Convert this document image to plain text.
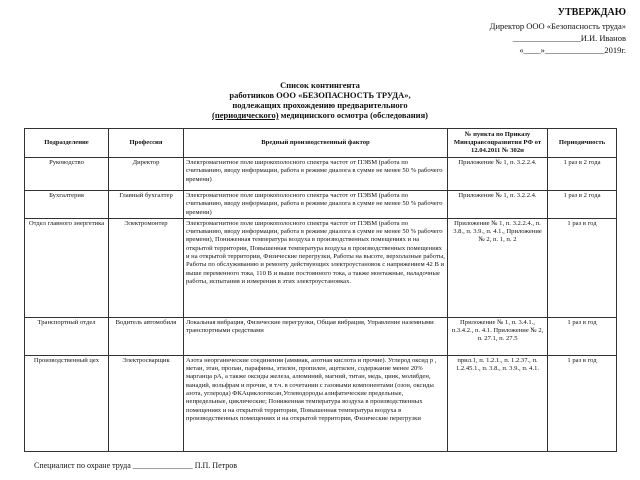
УТВЕРЖДАЮ
Директор ООО «Безопасность труда»
________________И.И. Иванов
«____»______________2019г.
Список контингента
работников ООО «БЕЗОПАСНОСТЬ ТРУДА»,
подлежащих прохождению предварительного
(периодического) медицинского осмотра (обследования)
Подразделение	Профессия	Вредный производственный фактор	№ пункта по Приказу Минздравсоцразвития РФ от 12.04.2011 № 302н	Периодичность
Руководство	Директор	Электромагнитное поле широкополосного спектра частот от ПЭВМ (работа по считыванию, вводу информации, работа в режиме диалога в сумме не менее 50 % рабочего времени)	Приложение № 1, п. 3.2.2.4.	1 раз в 2 года
Бухгалтерия	Главный бухгалтер	Электромагнитное поле широкополосного спектра частот от ПЭВМ (работа по считыванию, вводу информации, работа в режиме диалога в сумме не менее 50 % рабочего времени)	Приложение № 1, п. 3.2.2.4.	1 раз в 2 года
Отдел главного энергетика	Электромонтер	Электромагнитное поле широкополосного спектра частот от ПЭВМ (работа по считыванию, вводу информации, работа в режиме диалога в сумме не менее 50 % рабочего времени), Пониженная температура воздуха в производственных помещениях и на открытой территории, Повышенная температура воздуха в производственных помещениях и на открытой территории, Физические перегрузки, Работы на высоте, верхолазные работы, Работы по обслуживанию и ремонту действующих электроустановок с напряжением 42 В и выше переменного тока, 110 В и выше постоянного тока, а также монтажные, наладочные работы, испытания и измерения в этих электроустановках.	Приложение № 1, п. 3.2.2.4., п. 3.8., п. 3.9., п. 4.1., Приложение № 2, п. 1, п. 2	1 раз в год
Транспортный отдел	Водитель автомобиля	Локальная вибрация, Физические перегрузки, Общая вибрация, Управление наземными транспортными средствами	Приложение № 1, п. 3.4.1., п.3.4.2., п. 4.1. Приложение № 2, п. 27.1, п. 27.5	1 раз в год
Производственный цех	Электросварщик	Азота неорганические соединения (аммиак, азотная кислота и прочие). Углерод оксид р , метан, этан, пропан, парафины, этилен, пропилен, ацетилен, содержание менее 20% марганца рА, а также оксиды железа, алюминий, магний, титан, медь, цинк, молибден, ванадий, вольфрам и прочие, в т.ч. в сочетании с газовыми компонентами (озон, оксиды азота, углерода) ФКАциклогексан,Углеводороды алифатические предельные, непредельные, циклические; Пониженная температура воздуха в производственных помещениях и на открытой территории, Повышенная температура воздуха в производственных помещениях и на открытой территории, Физические перегрузки	прил.1, п. 1.2.1., п. 1.2.37., п. 1.2.45.1., п. 3.8., п. 3.9., п. 4.1.	1 раз в год
Специалист по охране труда _______________ П.П. Петров
